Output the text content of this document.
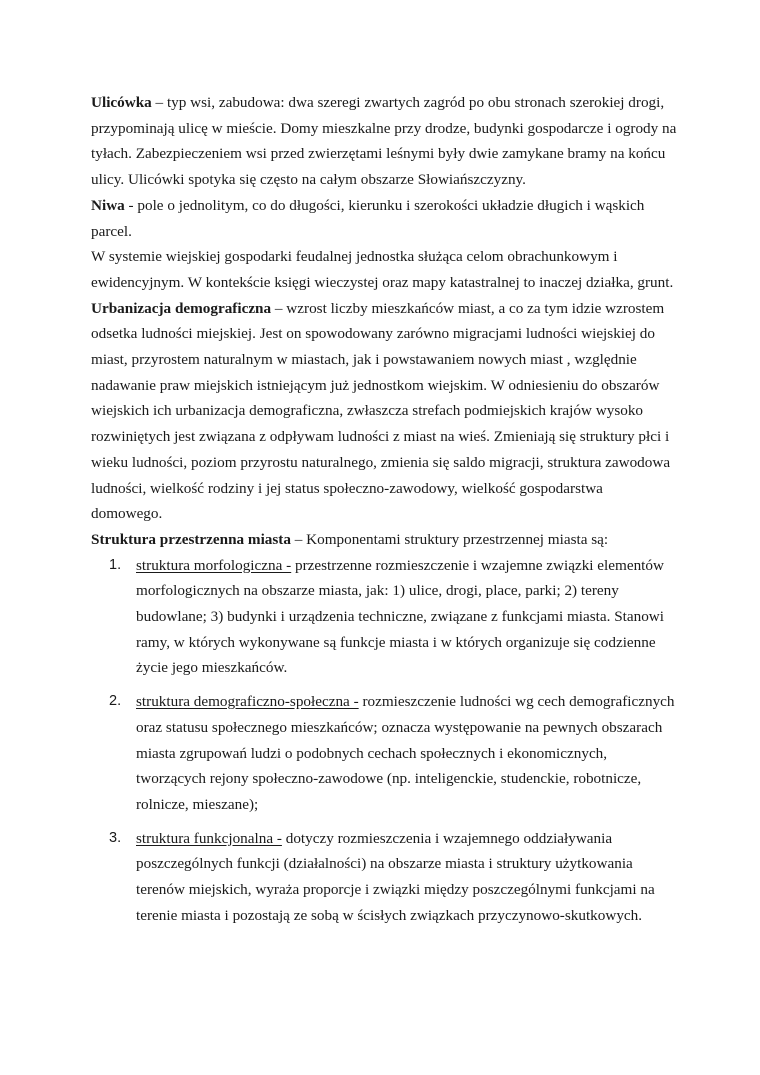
Ulicówka – typ wsi, zabudowa: dwa szeregi zwartych zagród po obu stronach szerokiej drogi, przypominają ulicę w mieście. Domy mieszkalne przy drodze, budynki gospodarcze i ogrody na tyłach. Zabezpieczeniem wsi przed zwierzętami leśnymi były dwie zamykane bramy na końcu ulicy. Ulicówki spotyka się często na całym obszarze Słowiańszczyzny.

Niwa - pole o jednolitym, co do długości, kierunku i szerokości układzie długich i wąskich parcel.

W systemie wiejskiej gospodarki feudalnej jednostka służąca celom obrachunkowym i ewidencyjnym. W kontekście księgi wieczystej oraz mapy katastralnej to inaczej działka, grunt.

Urbanizacja demograficzna – wzrost liczby mieszkańców miast, a co za tym idzie wzrostem odsetka ludności miejskiej. Jest on spowodowany zarówno migracjami ludności wiejskiej do miast, przyrostem naturalnym w miastach, jak i powstawaniem nowych miast , względnie nadawanie praw miejskich istniejącym już jednostkom wiejskim. W odniesieniu do obszarów wiejskich ich urbanizacja demograficzna, zwłaszcza strefach podmiejskich krajów wysoko rozwiniętych jest związana z odpływam ludności z miast na wieś. Zmieniają się struktury płci i wieku ludności, poziom przyrostu naturalnego, zmienia się saldo migracji, struktura zawodowa ludności, wielkość rodziny i jej status społeczno-zawodowy, wielkość gospodarstwa domowego.

Struktura przestrzenna miasta – Komponentami struktury przestrzennej miasta są:

1. struktura morfologiczna - przestrzenne rozmieszczenie i wzajemne związki elementów morfologicznych na obszarze miasta, jak: 1) ulice, drogi, place, parki; 2) tereny budowlane; 3) budynki i urządzenia techniczne, związane z funkcjami miasta. Stanowi ramy, w których wykonywane są funkcje miasta i w których organizuje się codzienne życie jego mieszkańców.
2. struktura demograficzno-społeczna - rozmieszczenie ludności wg cech demograficznych oraz statusu społecznego mieszkańców; oznacza występowanie na pewnych obszarach miasta zgrupowań ludzi o podobnych cechach społecznych i ekonomicznych, tworzących rejony społeczno-zawodowe (np. inteligenckie, studenckie, robotnicze, rolnicze, mieszane);
3. struktura funkcjonalna - dotyczy rozmieszczenia i wzajemnego oddziaływania poszczególnych funkcji (działalności) na obszarze miasta i struktury użytkowania terenów miejskich, wyraża proporcje i związki między poszczególnymi funkcjami na terenie miasta i pozostają ze sobą w ścisłych związkach przyczynowo-skutkowych.
